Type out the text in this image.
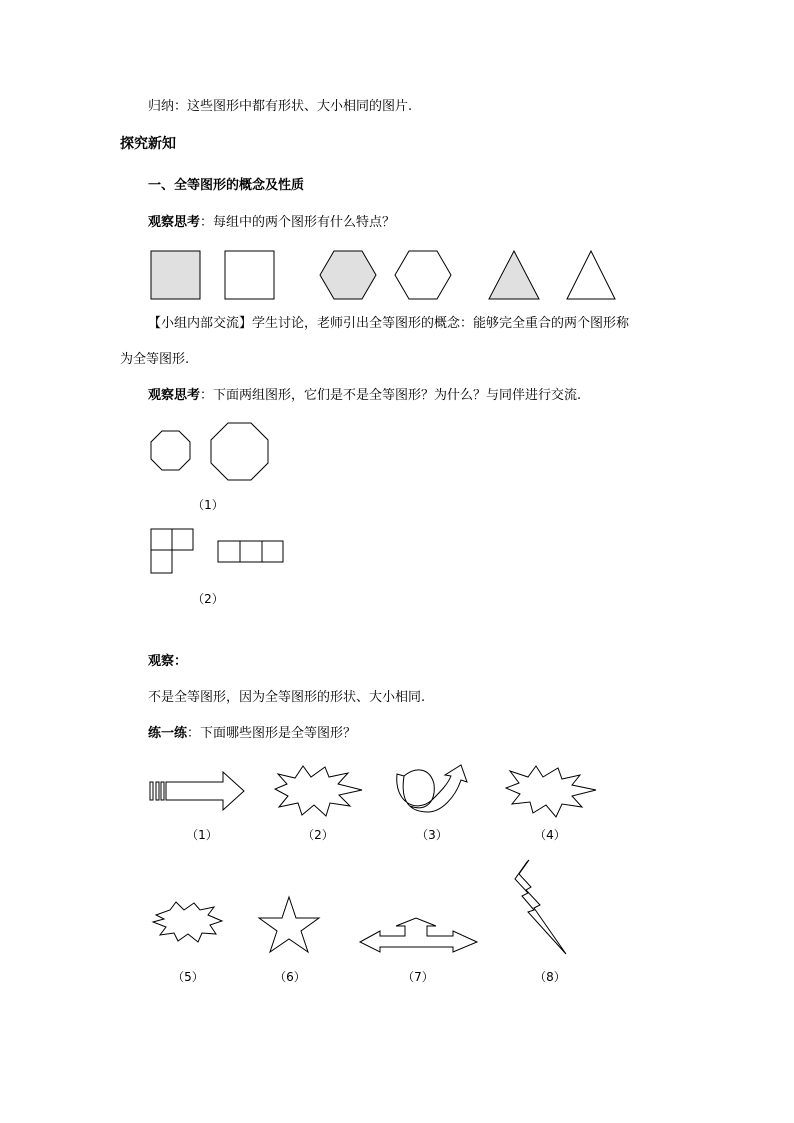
归纳：这些图形中都有形状、大小相同的图片.
探究新知
一、全等图形的概念及性质
观察思考：每组中的两个图形有什么特点？
【小组内部交流】学生讨论，老师引出全等图形的概念：能够完全重合的两个图形称
为全等图形.
观察思考：下面两组图形，它们是不是全等图形？为什么？与同伴进行交流.
（1）
（2）
观察：
不是全等图形，因为全等图形的形状、大小相同.
练一练：下面哪些图形是全等图形？
（1）	（2）	（3）	（4）
（5）	（6）	（7）	（8）
